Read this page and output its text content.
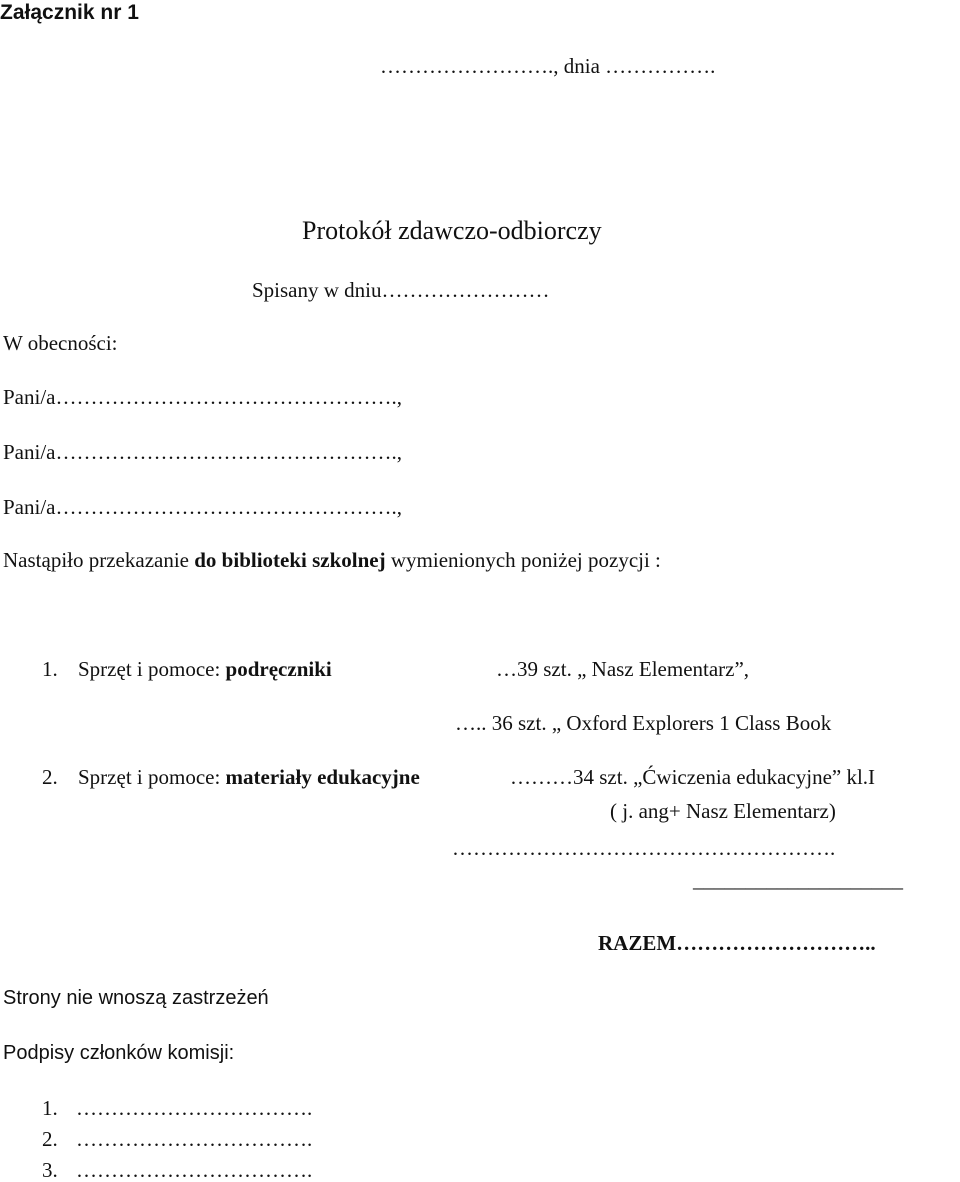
Załącznik nr 1
……………………., dnia …………….
Protokół zdawczo-odbiorczy
Spisany w dniu……………………
W obecności:
Pani/a………………………………………….,
Pani/a………………………………………….,
Pani/a………………………………………….,
Nastąpiło przekazanie do biblioteki szkolnej wymienionych poniżej pozycji :
1. Sprzęt i pomoce: podręczniki	…39 szt. „ Nasz Elementarz”,
….. 36 szt. „ Oxford Explorers 1 Class Book
2. Sprzęt i pomoce: materiały edukacyjne	………34 szt. „Ćwiczenia edukacyjne” kl.I
( j. ang+ Nasz Elementarz)
……………………………………………….
____________________
RAZEM………………………..
Strony nie wnoszą zastrzeżeń
Podpisy członków komisji:
1. …………………………….
2. …………………………….
3. …………………………….
